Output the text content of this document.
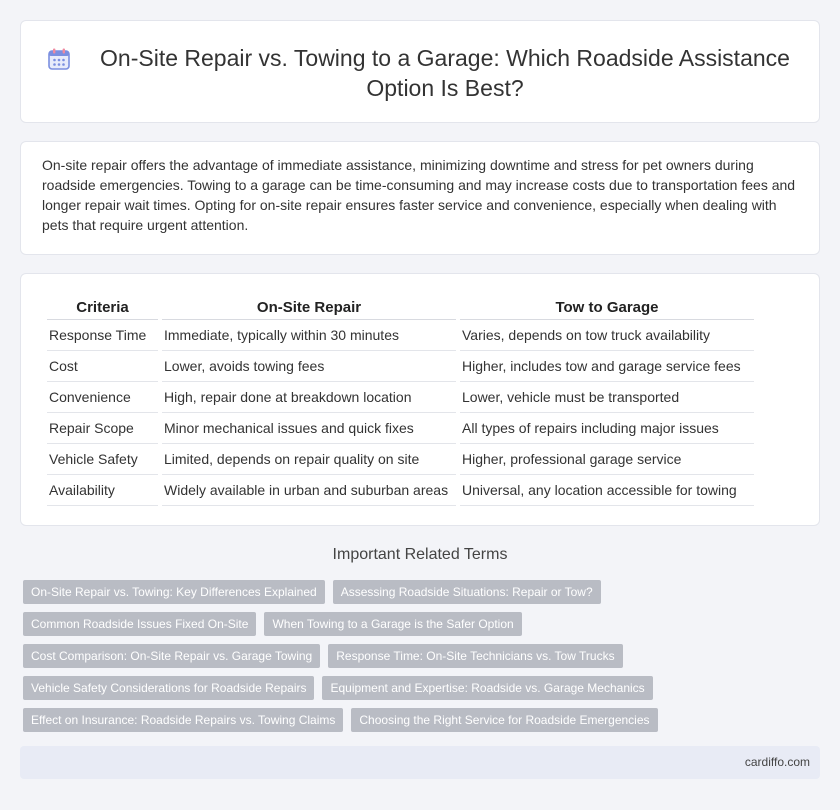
On-Site Repair vs. Towing to a Garage: Which Roadside Assistance Option Is Best?

On-site repair offers the advantage of immediate assistance, minimizing downtime and stress for pet owners during roadside emergencies. Towing to a garage can be time-consuming and may increase costs due to transportation fees and longer repair wait times. Opting for on-site repair ensures faster service and convenience, especially when dealing with pets that require urgent attention.

Criteria	On-Site Repair	Tow to Garage
Response Time	Immediate, typically within 30 minutes	Varies, depends on tow truck availability
Cost	Lower, avoids towing fees	Higher, includes tow and garage service fees
Convenience	High, repair done at breakdown location	Lower, vehicle must be transported
Repair Scope	Minor mechanical issues and quick fixes	All types of repairs including major issues
Vehicle Safety	Limited, depends on repair quality on site	Higher, professional garage service
Availability	Widely available in urban and suburban areas	Universal, any location accessible for towing
Important Related Terms
On-Site Repair vs. Towing: Key Differences Explained	Assessing Roadside Situations: Repair or Tow?
Common Roadside Issues Fixed On-Site	When Towing to a Garage is the Safer Option
Cost Comparison: On-Site Repair vs. Garage Towing	Response Time: On-Site Technicians vs. Tow Trucks
Vehicle Safety Considerations for Roadside Repairs	Equipment and Expertise: Roadside vs. Garage Mechanics
Effect on Insurance: Roadside Repairs vs. Towing Claims	Choosing the Right Service for Roadside Emergencies
cardiffo.com
